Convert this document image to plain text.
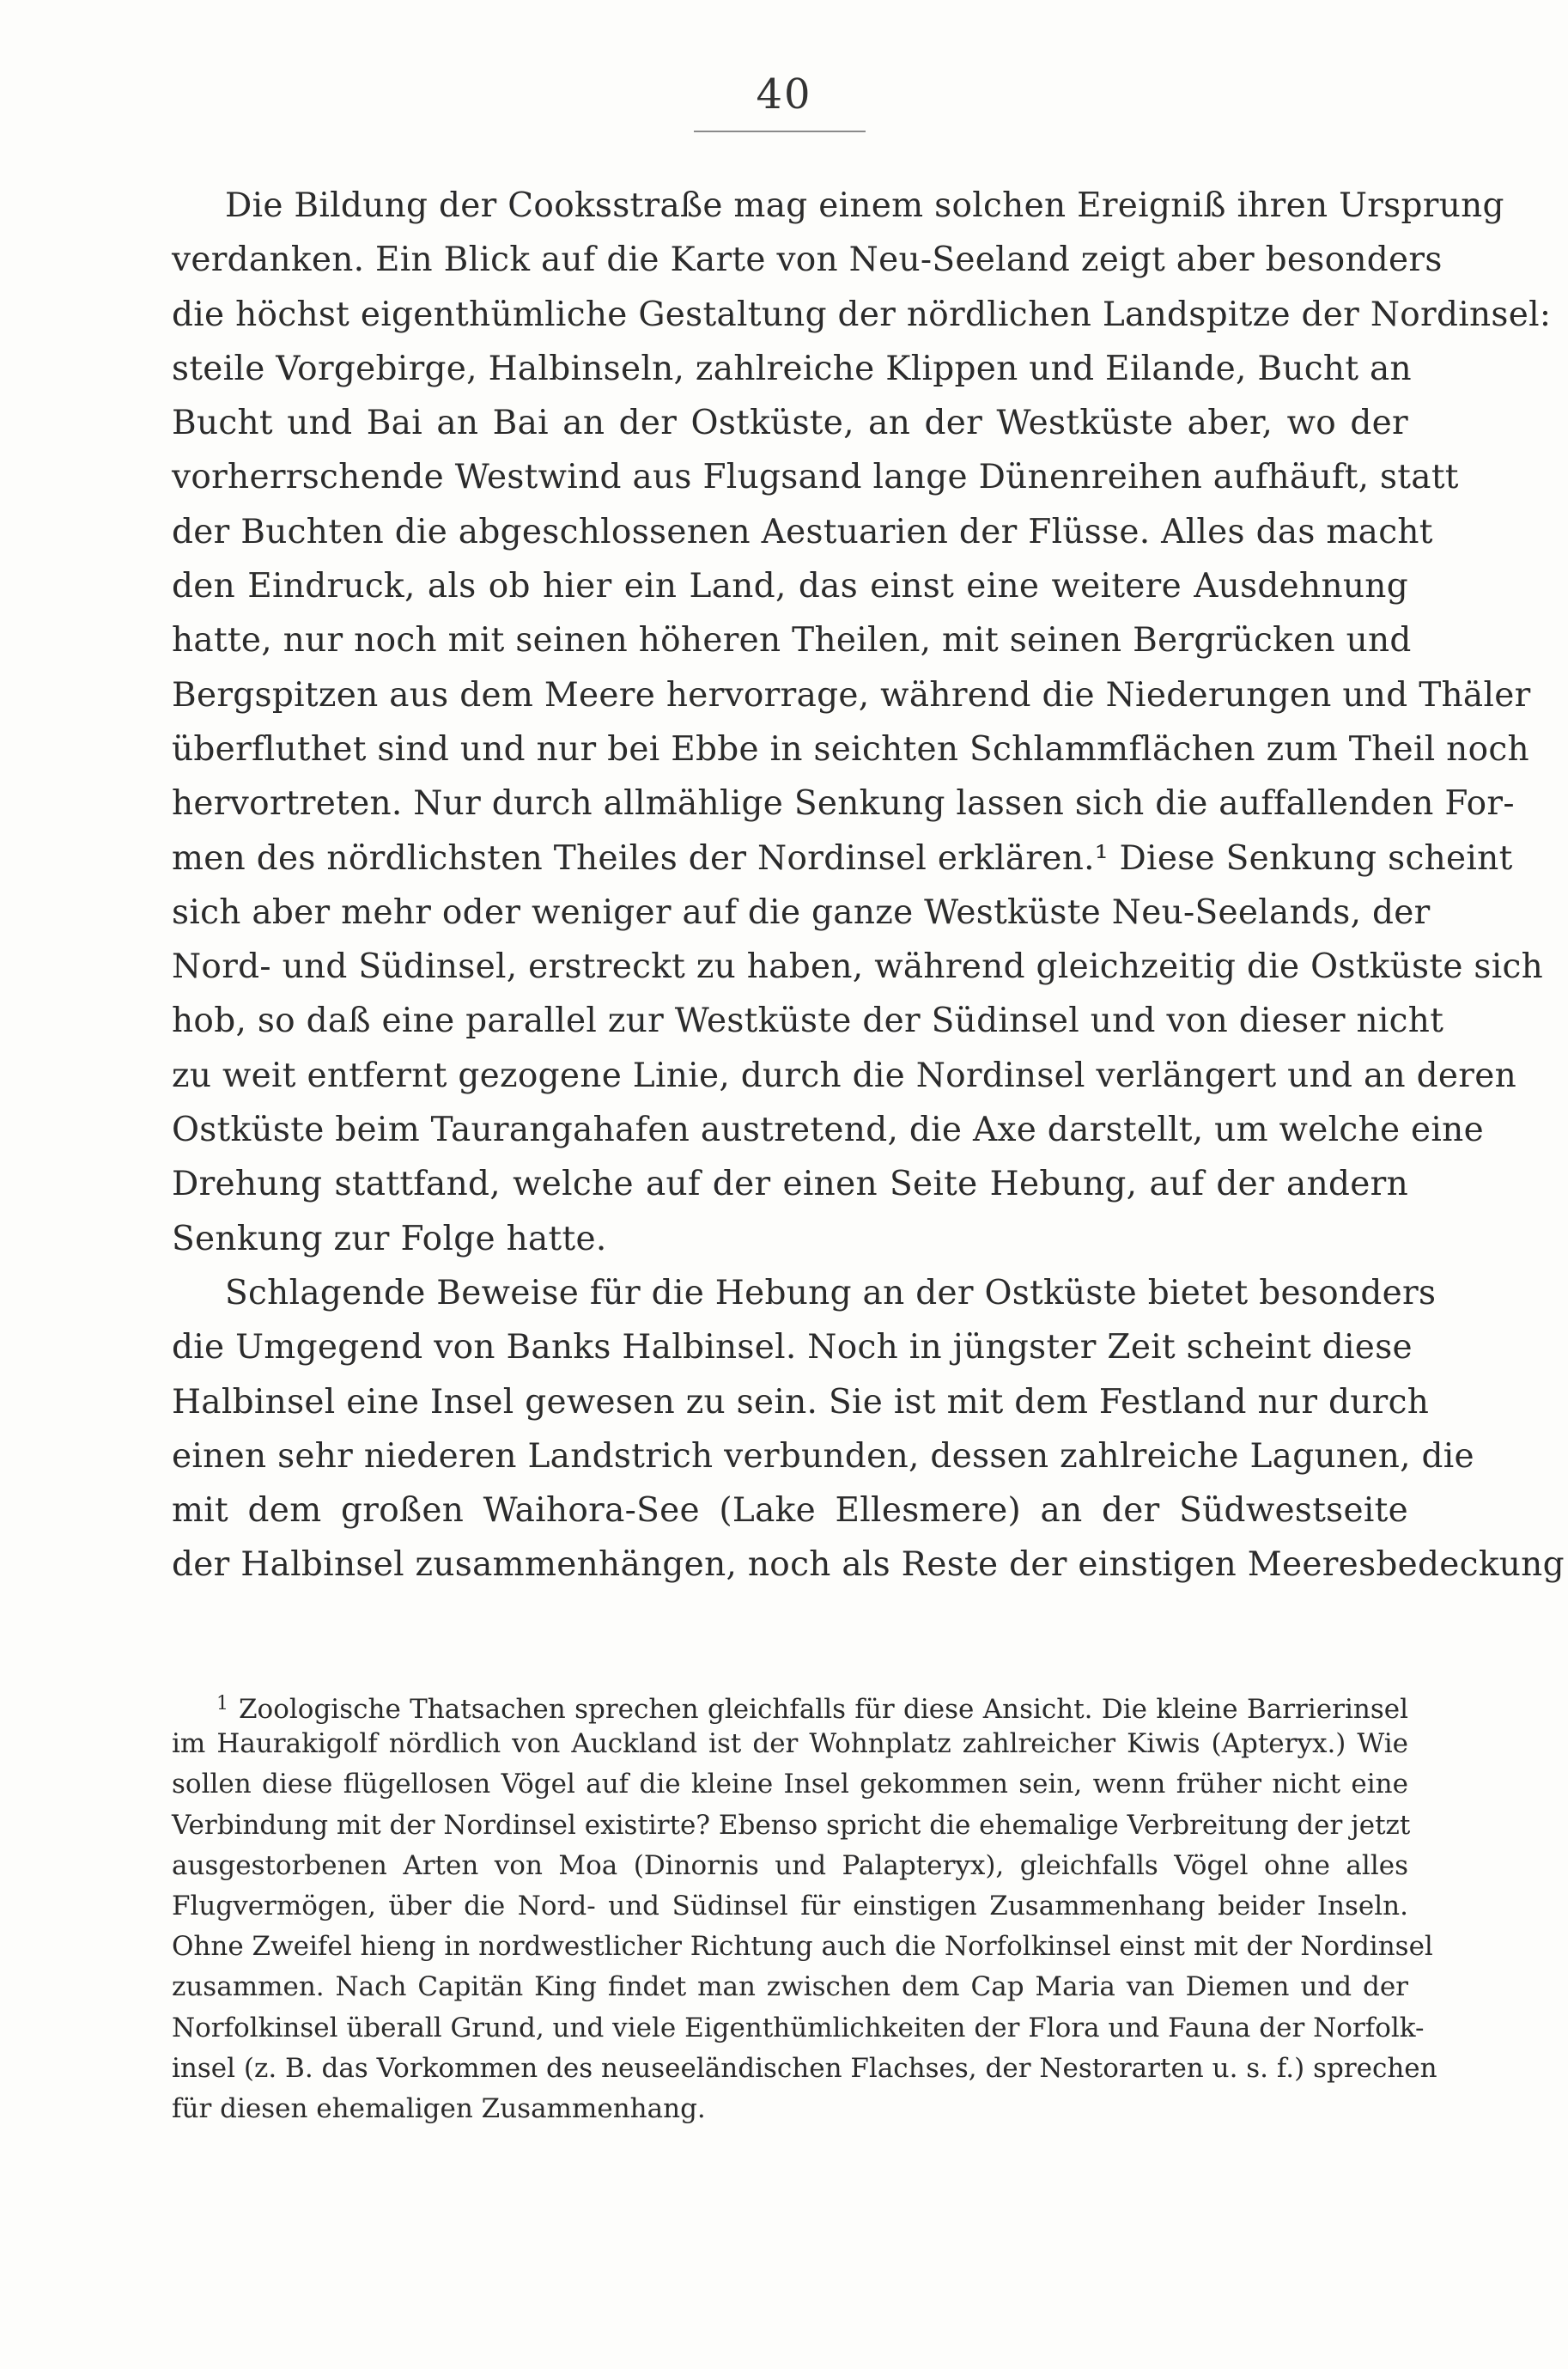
40
Die Bildung der Cooksstraße mag einem solchen Ereigniß ihren Ursprung
verdanken. Ein Blick auf die Karte von Neu-Seeland zeigt aber besonders
die höchst eigenthümliche Gestaltung der nördlichen Landspitze der Nordinsel:
steile Vorgebirge, Halbinseln, zahlreiche Klippen und Eilande, Bucht an
Bucht und Bai an Bai an der Ostküste, an der Westküste aber, wo der
vorherrschende Westwind aus Flugsand lange Dünenreihen aufhäuft, statt
der Buchten die abgeschlossenen Aestuarien der Flüsse. Alles das macht
den Eindruck, als ob hier ein Land, das einst eine weitere Ausdehnung
hatte, nur noch mit seinen höheren Theilen, mit seinen Bergrücken und
Bergspitzen aus dem Meere hervorrage, während die Niederungen und Thäler
überfluthet sind und nur bei Ebbe in seichten Schlammflächen zum Theil noch
hervortreten. Nur durch allmählige Senkung lassen sich die auffallenden For-
men des nördlichsten Theiles der Nordinsel erklären.¹ Diese Senkung scheint
sich aber mehr oder weniger auf die ganze Westküste Neu-Seelands, der
Nord- und Südinsel, erstreckt zu haben, während gleichzeitig die Ostküste sich
hob, so daß eine parallel zur Westküste der Südinsel und von dieser nicht
zu weit entfernt gezogene Linie, durch die Nordinsel verlängert und an deren
Ostküste beim Taurangahafen austretend, die Axe darstellt, um welche eine
Drehung stattfand, welche auf der einen Seite Hebung, auf der andern
Senkung zur Folge hatte.
Schlagende Beweise für die Hebung an der Ostküste bietet besonders
die Umgegend von Banks Halbinsel. Noch in jüngster Zeit scheint diese
Halbinsel eine Insel gewesen zu sein. Sie ist mit dem Festland nur durch
einen sehr niederen Landstrich verbunden, dessen zahlreiche Lagunen, die
mit dem großen Waihora-See (Lake Ellesmere) an der Südwestseite
der Halbinsel zusammenhängen, noch als Reste der einstigen Meeresbedeckung
$^1$ Zoologische Thatsachen sprechen gleichfalls für diese Ansicht. Die kleine Barrierinsel
im Haurakigolf nördlich von Auckland ist der Wohnplatz zahlreicher Kiwis (Apteryx.) Wie
sollen diese flügellosen Vögel auf die kleine Insel gekommen sein, wenn früher nicht eine
Verbindung mit der Nordinsel existirte? Ebenso spricht die ehemalige Verbreitung der jetzt
ausgestorbenen Arten von Moa (Dinornis und Palapteryx), gleichfalls Vögel ohne alles
Flugvermögen, über die Nord- und Südinsel für einstigen Zusammenhang beider Inseln.
Ohne Zweifel hieng in nordwestlicher Richtung auch die Norfolkinsel einst mit der Nordinsel
zusammen. Nach Capitän King findet man zwischen dem Cap Maria van Diemen und der
Norfolkinsel überall Grund, und viele Eigenthümlichkeiten der Flora und Fauna der Norfolk-
insel (z. B. das Vorkommen des neuseeländischen Flachses, der Nestorarten u. s. f.) sprechen
für diesen ehemaligen Zusammenhang.
